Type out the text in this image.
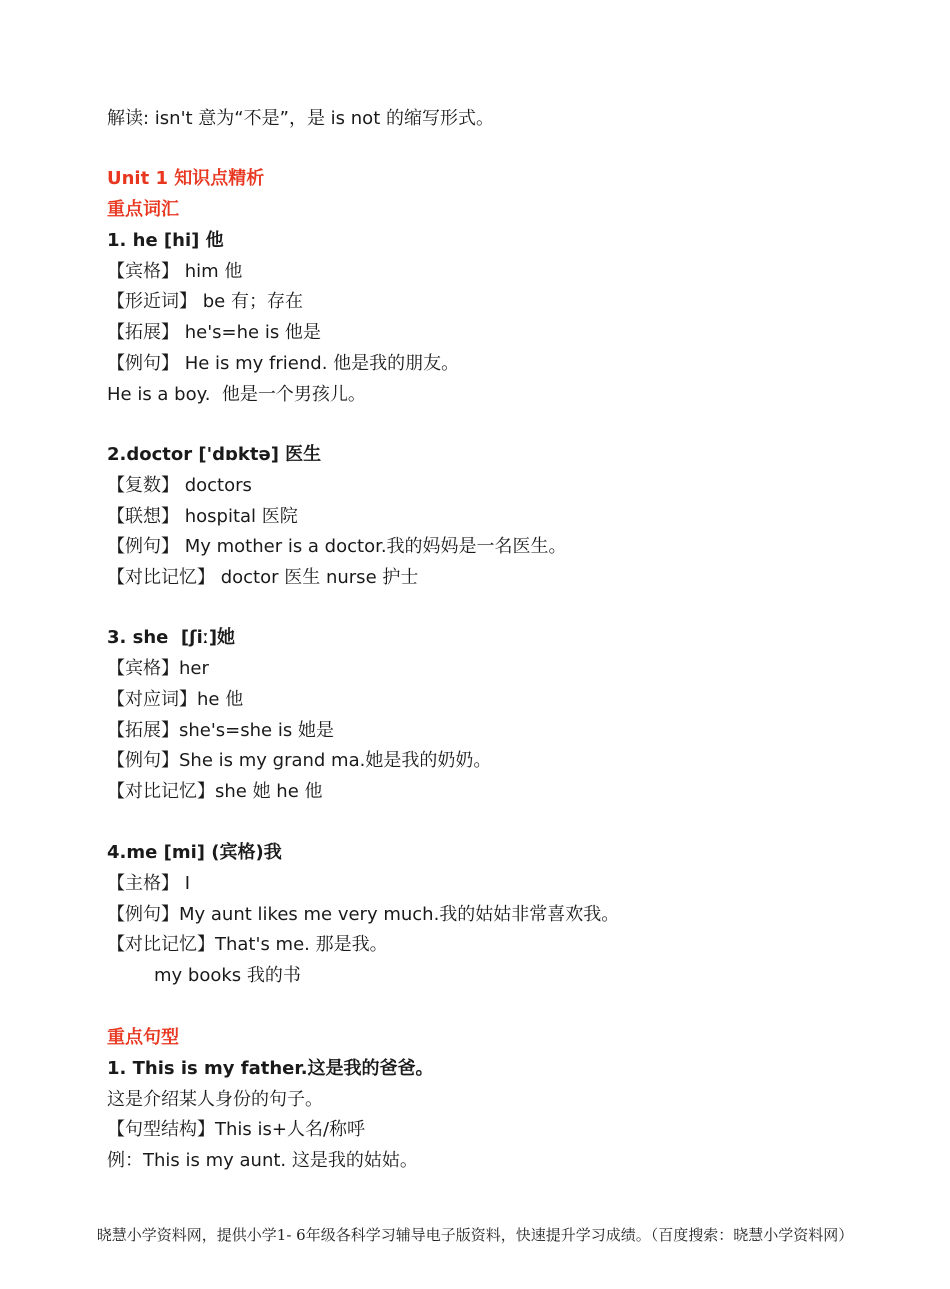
解读: isn't 意为“不是”，是 is not 的缩写形式。
Unit 1 知识点精析
重点词汇
1. he [hi] 他
【宾格】 him 他
【形近词】 be 有；存在
【拓展】 he's=he is 他是
【例句】 He is my friend. 他是我的朋友。
He is a boy.  他是一个男孩儿。
2.doctor ['dɒktə] 医生
【复数】 doctors
【联想】 hospital 医院
【例句】 My mother is a doctor.我的妈妈是一名医生。
【对比记忆】 doctor 医生 nurse 护士
3. she  [ʃiː]她
【宾格】her
【对应词】he 他
【拓展】she's=she is 她是
【例句】She is my grand ma.她是我的奶奶。
【对比记忆】she 她 he 他
4.me [mi] (宾格)我
【主格】 I
【例句】My aunt likes me very much.我的姑姑非常喜欢我。
【对比记忆】That's me. 那是我。
my books 我的书
重点句型
1. This is my father.这是我的爸爸。
这是介绍某人身份的句子。
【句型结构】This is+人名/称呼
例：This is my aunt. 这是我的姑姑。
晓慧小学资料网，提供小学1- 6年级各科学习辅导电子版资料，快速提升学习成绩。（百度搜索：晓慧小学资料网）
